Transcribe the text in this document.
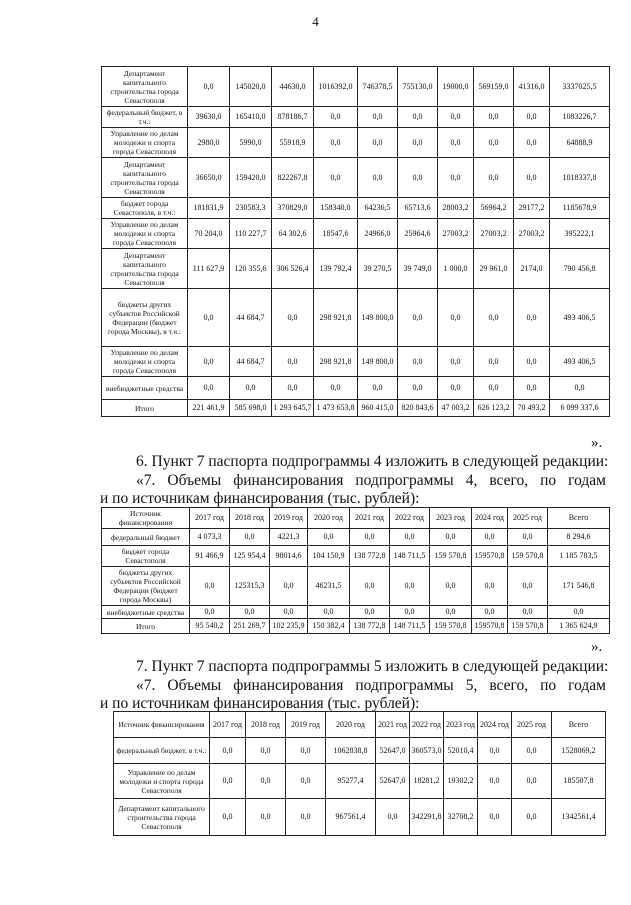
4
Департамент капитального строительства города Севастополя	0,0	145020,0	44630,0	1016392,0	746378,5	755130,0	19000,0	569159,0	41316,0	3337025,5
федеральный бюджет, в т.ч.:	39630,0	165410,0	878186,7	0,0	0,0	0,0	0,0	0,0	0,0	1083226,7
Управление по делам молодежи и спорта города Севастополя	2980,0	5990,0	55918,9	0,0	0,0	0,0	0,0	0,0	0,0	64888,9
Департамент капитального строительства города Севастополя	36650,0	159420,0	822267,8	0,0	0,0	0,0	0,0	0,0	0,0	1018337,8
бюджет города Севастополя, в т.ч.:	181831,9	230583,3	370829,0	158340,0	64236,5	65713,6	28003,2	56964,2	29177,2	1185678,9
Управление по делам молодежи и спорта города Севастополя	70 204,0	110 227,7	64 302,6	18547,6	24966,0	25964,6	27003,2	27003,2	27003,2	395222,1
Департамент капитального строительства города Севастополя	111 627,9	120 355,6	306 526,4	139 792,4	39 270,5	39 749,0	1 000,0	29 961,0	2174,0	790 456,8
бюджеты других субъектов Российской Федерации (бюджет города Москвы), в т.ч.:	0,0	44 684,7	0,0	298 921,8	149 800,0	0,0	0,0	0,0	0,0	493 406,5
Управление по делам молодежи и спорта города Севастополя	0,0	44 684,7	0,0	298 921,8	149 800,0	0,0	0,0	0,0	0,0	493 406,5
внебюджетные средства	0,0	0,0	0,0	0,0	0,0	0,0	0,0	0,0	0,0	0,0
Итого	221 461,9	585 698,0	1 293 645,7	1 473 653,8	960 415,0	820 843,6	47 003,2	626 123,2	70 493,2	6 099 337,6
».
6. Пункт 7 паспорта подпрограммы 4 изложить в следующей редакции:
«7. Объемы финансирования подпрограммы 4, всего, по годам
и по источникам финансирования (тыс. рублей):
Источник финансирования	2017 год	2018 год	2019 год	2020 год	2021 год	2022 год	2023 год	2024 год	2025 год	Всего
федеральный бюджет	4 073,3	0,0	4221,3	0,0	0,0	0,0	0,0	0,0	0,0	8 294,6
бюджет города Севастополя	91 466,9	125 954,4	98014,6	104 150,9	138 772,8	148 711,5	159 570,8	159570,8	159 570,8	1 185 783,5
бюджеты других субъектов Российской Федерации (бюджет города Москвы)	0,0	125315,3	0,0	46231,5	0,0	0,0	0,0	0,0	0,0	171 546,8
внебюджетные средства	0,0	0,0	0,0	0,0	0,0	0,0	0,0	0,0	0,0	0,0
Итого	95 540,2	251 269,7	102 235,9	150 382,4	138 772,8	148 711,5	159 570,8	159570,8	159 570,8	1 365 624,9
».
7. Пункт 7 паспорта подпрограммы 5 изложить в следующей редакции:
«7. Объемы финансирования подпрограммы 5, всего, по годам
и по источникам финансирования (тыс. рублей):
Источник финансирования	2017 год	2018 год	2019 год	2020 год	2021 год	2022 год	2023 год	2024 год	2025 год	Всего
федеральный бюджет, в т.ч.:	0,0	0,0	0,0	1062838,8	52647,0	360573,0	52010,4	0,0	0,0	1528069,2
Управление по делам молодежи и спорта города Севастополя	0,0	0,0	0,0	95277,4	52647,0	18281,2	19302,2	0,0	0,0	185507,8
Департамент капитального строительства города Севастополя	0,0	0,0	0,0	967561,4	0,0	342291,8	32708,2	0,0	0,0	1342561,4
